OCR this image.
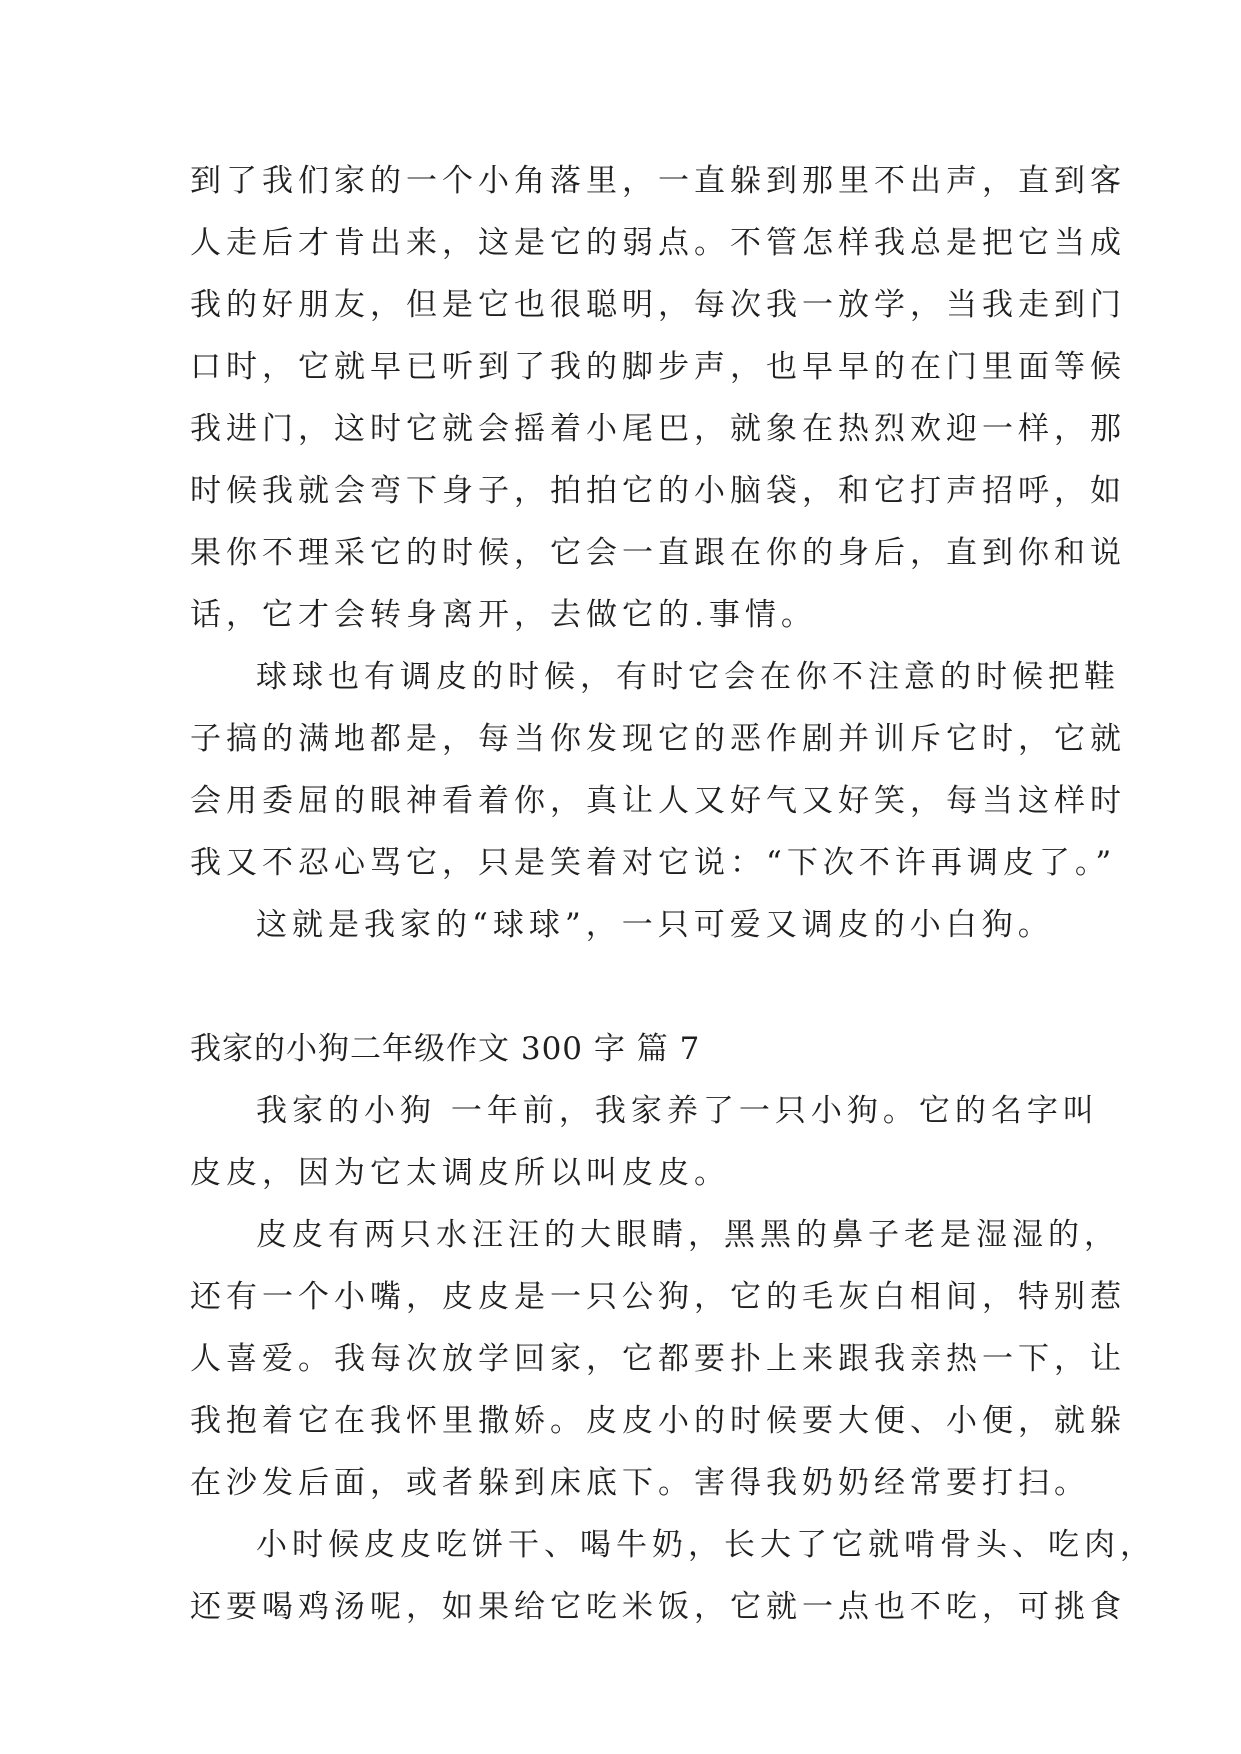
到了我们家的一个小角落里，一直躲到那里不出声，直到客
人走后才肯出来，这是它的弱点。不管怎样我总是把它当成
我的好朋友，但是它也很聪明，每次我一放学，当我走到门
口时，它就早已听到了我的脚步声，也早早的在门里面等候
我进门，这时它就会摇着小尾巴，就象在热烈欢迎一样，那
时候我就会弯下身子，拍拍它的小脑袋，和它打声招呼，如
果你不理采它的时候，它会一直跟在你的身后，直到你和说
话，它才会转身离开，去做它的.事情。
球球也有调皮的时候，有时它会在你不注意的时候把鞋
子搞的满地都是，每当你发现它的恶作剧并训斥它时，它就
会用委屈的眼神看着你，真让人又好气又好笑，每当这样时
我又不忍心骂它，只是笑着对它说：“下次不许再调皮了。”
这就是我家的“球球”，一只可爱又调皮的小白狗。
我家的小狗二年级作文 300 字 篇 7
我家的小狗 一年前，我家养了一只小狗。它的名字叫
皮皮，因为它太调皮所以叫皮皮。
皮皮有两只水汪汪的大眼睛，黑黑的鼻子老是湿湿的，
还有一个小嘴，皮皮是一只公狗，它的毛灰白相间，特别惹
人喜爱。我每次放学回家，它都要扑上来跟我亲热一下，让
我抱着它在我怀里撒娇。皮皮小的时候要大便、小便，就躲
在沙发后面，或者躲到床底下。害得我奶奶经常要打扫。
小时候皮皮吃饼干、喝牛奶，长大了它就啃骨头、吃肉，
还要喝鸡汤呢，如果给它吃米饭，它就一点也不吃，可挑食
